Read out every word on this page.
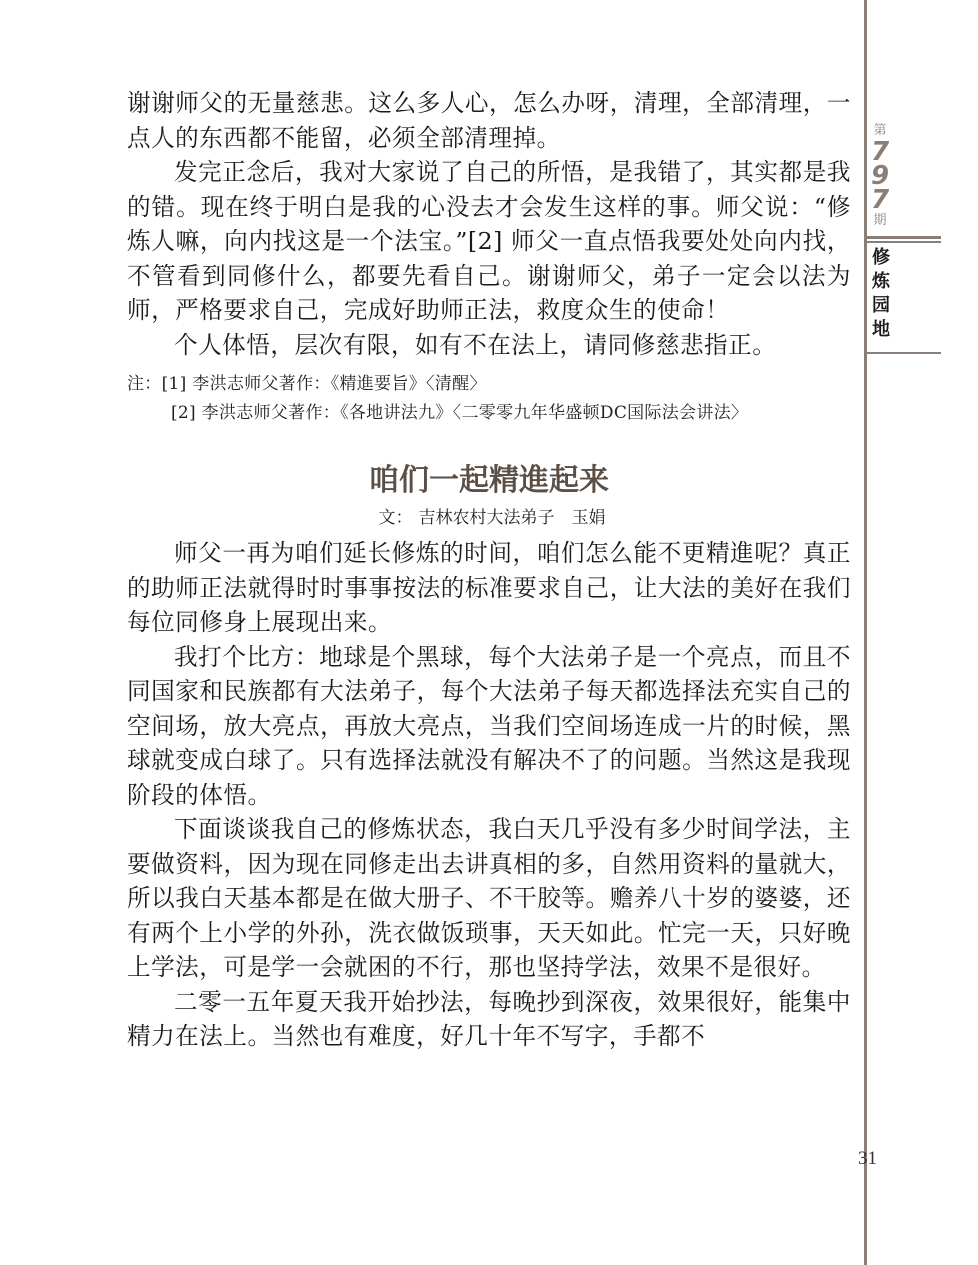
第
797
期
修炼园地
31

谢谢师父的无量慈悲。这么多人心，怎么办呀，清理，全部清理，一点人的东西都不能留，必须全部清理掉。

发完正念后，我对大家说了自己的所悟，是我错了，其实都是我的错。现在终于明白是我的心没去才会发生这样的事。师父说：“修炼人嘛，向内找这是一个法宝。”[2] 师父一直点悟我要处处向内找，不管看到同修什么，都要先看自己。谢谢师父，弟子一定会以法为师，严格要求自己，完成好助师正法，救度众生的使命！

个人体悟，层次有限，如有不在法上，请同修慈悲指正。

注：[1] 李洪志师父著作：《精進要旨》〈清醒〉
[2] 李洪志师父著作：《各地讲法九》〈二零零九年华盛顿DC国际法会讲法〉
咱们一起精進起来
文： 吉林农村大法弟子　玉娟

师父一再为咱们延长修炼的时间，咱们怎么能不更精進呢？真正的助师正法就得时时事事按法的标准要求自己，让大法的美好在我们每位同修身上展现出来。

我打个比方：地球是个黑球，每个大法弟子是一个亮点，而且不同国家和民族都有大法弟子，每个大法弟子每天都选择法充实自己的空间场，放大亮点，再放大亮点，当我们空间场连成一片的时候，黑球就变成白球了。只有选择法就没有解决不了的问题。当然这是我现阶段的体悟。

下面谈谈我自己的修炼状态，我白天几乎没有多少时间学法，主要做资料，因为现在同修走出去讲真相的多，自然用资料的量就大，所以我白天基本都是在做大册子、不干胶等。赡养八十岁的婆婆，还有两个上小学的外孙，洗衣做饭琐事，天天如此。忙完一天，只好晚上学法，可是学一会就困的不行，那也坚持学法，效果不是很好。

二零一五年夏天我开始抄法，每晚抄到深夜，效果很好，能集中精力在法上。当然也有难度，好几十年不写字，手都不
